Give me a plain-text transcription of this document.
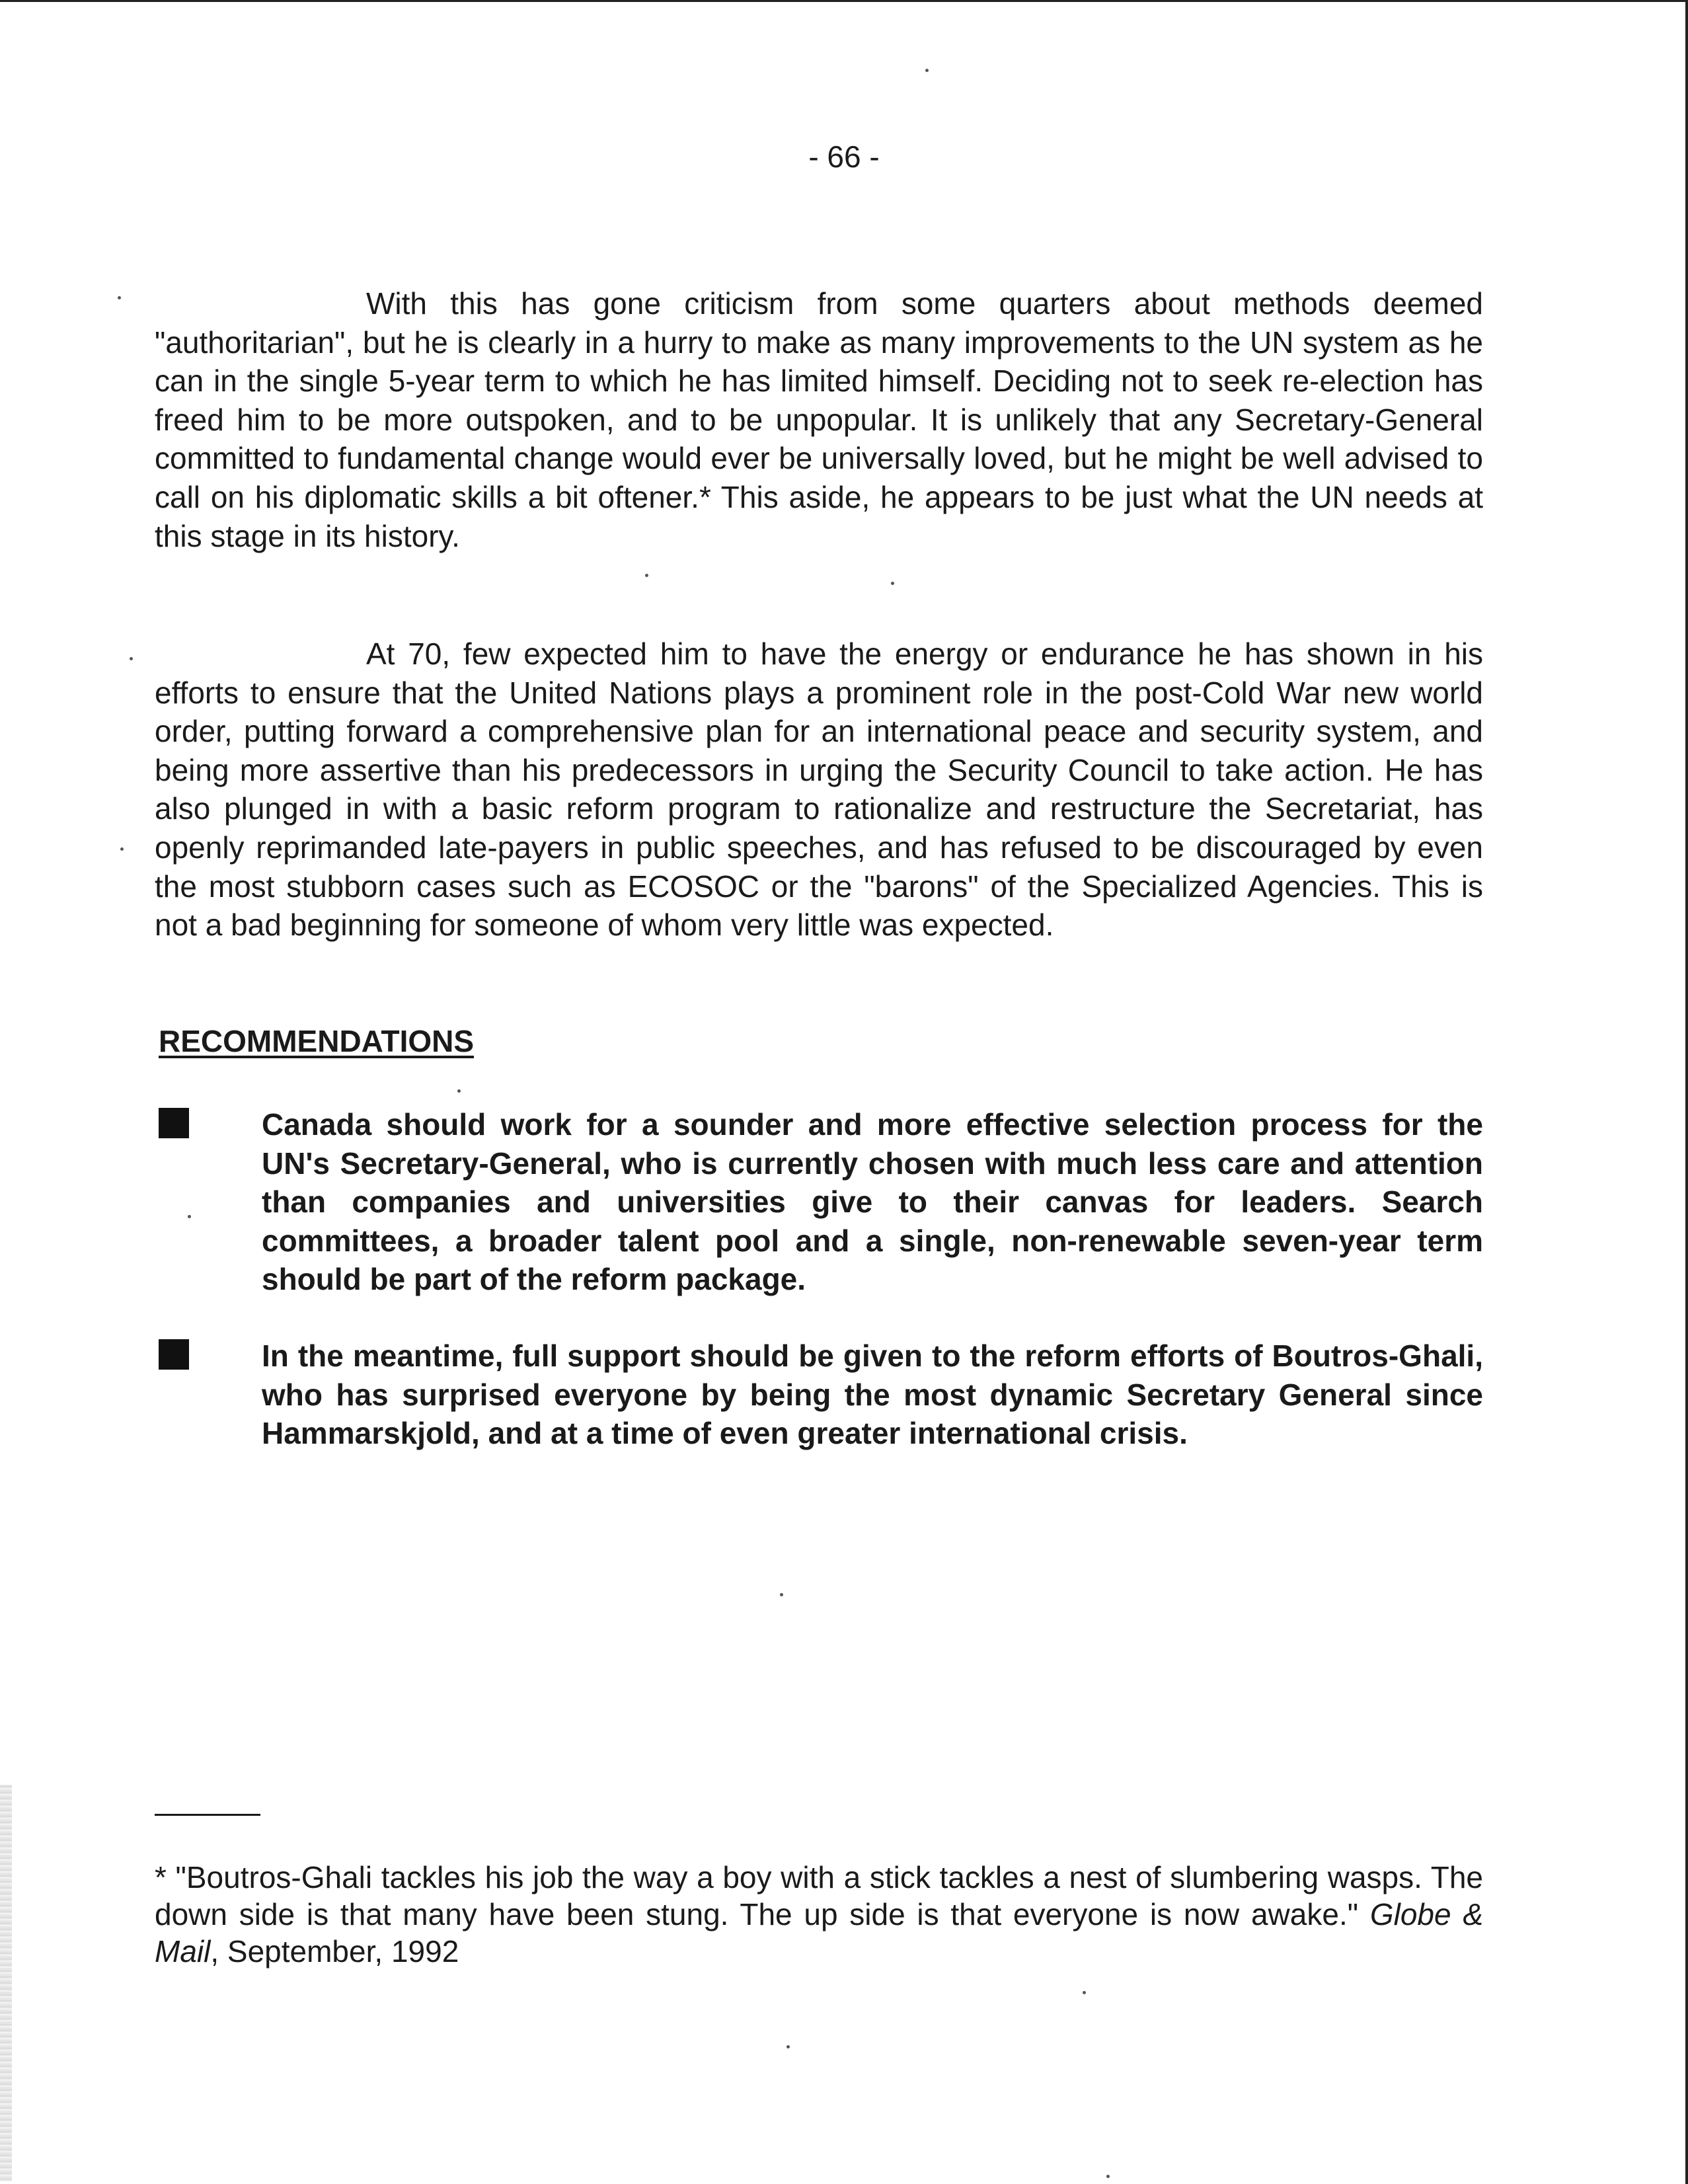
- 66 -

With this has gone criticism from some quarters about methods deemed "authoritarian", but he is clearly in a hurry to make as many improvements to the UN system as he can in the single 5-year term to which he has limited himself. Deciding not to seek re-election has freed him to be more outspoken, and to be unpopular. It is unlikely that any Secretary-General committed to fundamental change would ever be universally loved, but he might be well advised to call on his diplomatic skills a bit oftener.* This aside, he appears to be just what the UN needs at this stage in its history.

At 70, few expected him to have the energy or endurance he has shown in his efforts to ensure that the United Nations plays a prominent role in the post-Cold War new world order, putting forward a comprehensive plan for an international peace and security system, and being more assertive than his predecessors in urging the Security Council to take action. He has also plunged in with a basic reform program to rationalize and restructure the Secretariat, has openly reprimanded late-payers in public speeches, and has refused to be discouraged by even the most stubborn cases such as ECOSOC or the "barons" of the Specialized Agencies. This is not a bad beginning for someone of whom very little was expected.

RECOMMENDATIONS

Canada should work for a sounder and more effective selection process for the UN's Secretary-General, who is currently chosen with much less care and attention than companies and universities give to their canvas for leaders. Search committees, a broader talent pool and a single, non-renewable seven-year term should be part of the reform package.

In the meantime, full support should be given to the reform efforts of Boutros-Ghali, who has surprised everyone by being the most dynamic Secretary General since Hammarskjold, and at a time of even greater international crisis.

* "Boutros-Ghali tackles his job the way a boy with a stick tackles a nest of slumbering wasps. The down side is that many have been stung. The up side is that everyone is now awake." Globe & Mail, September, 1992
